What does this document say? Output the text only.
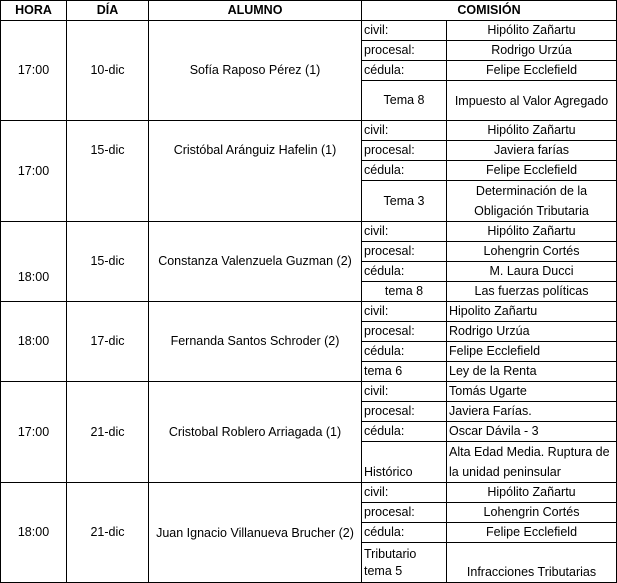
HORA	DÍA	ALUMNO	COMISIÓN	
17:00	10-dic	Sofía Raposo Pérez (1)	civil:	Hipólito Zañartu
			procesal:	Rodrigo Urzúa
			cédula:	Felipe Ecclefield
			Tema 8	Impuesto al Valor Agregado

17:00	15-dic	Cristóbal Aránguiz Hafelin (1)	civil:	Hipólito Zañartu
			procesal:	Javiera farías
			cédula:	Felipe Ecclefield
			Tema 3	Determinación de la Obligación Tributaria

18:00	15-dic	Constanza Valenzuela Guzman (2)	civil:	Hipólito Zañartu
			procesal:	Lohengrin Cortés
			cédula:	M. Laura Ducci
			tema 8	Las fuerzas políticas

18:00	17-dic	Fernanda Santos Schroder (2)	civil:	Hipolito Zañartu
			procesal:	Rodrigo Urzúa
			cédula:	Felipe Ecclefield
			tema 6	Ley de la Renta

17:00	21-dic	Cristobal Roblero Arriagada (1)	civil:	Tomás Ugarte
			procesal:	Javiera Farías.
			cédula:	Oscar Dávila - 3
			Histórico	Alta Edad Media. Ruptura de la unidad peninsular

18:00	21-dic	Juan Ignacio Villanueva Brucher (2)	civil:	Hipólito Zañartu
			procesal:	Lohengrin Cortés
			cédula:	Felipe Ecclefield
			Tributario tema 5	Infracciones Tributarias
